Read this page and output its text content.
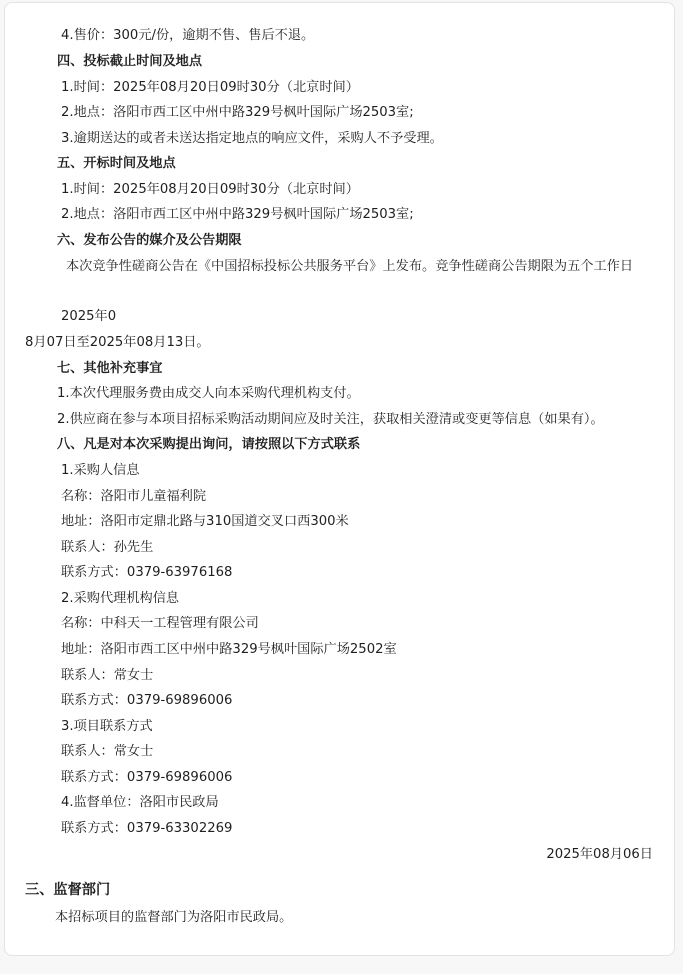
4.售价：300元/份，逾期不售、售后不退。
四、投标截止时间及地点
1.时间：2025年08月20日09时30分（北京时间）
2.地点：洛阳市西工区中州中路329号枫叶国际广场2503室;
3.逾期送达的或者未送达指定地点的响应文件，采购人不予受理。
五、开标时间及地点
1.时间：2025年08月20日09时30分（北京时间）
2.地点：洛阳市西工区中州中路329号枫叶国际广场2503室;
六、发布公告的媒介及公告期限
本次竞争性磋商公告在《中国招标投标公共服务平台》上发布。竞争性磋商公告期限为五个工作日
2025年0
8月07日至2025年08月13日。
七、其他补充事宜
1.本次代理服务费由成交人向本采购代理机构支付。
2.供应商在参与本项目招标采购活动期间应及时关注，获取相关澄清或变更等信息（如果有）。
八、凡是对本次采购提出询问，请按照以下方式联系
1.采购人信息
名称：洛阳市儿童福利院
地址：洛阳市定鼎北路与310国道交叉口西300米
联系人：孙先生
联系方式：0379-63976168
2.采购代理机构信息
名称：中科天一工程管理有限公司
地址：洛阳市西工区中州中路329号枫叶国际广场2502室
联系人：常女士
联系方式：0379-69896006
3.项目联系方式
联系人：常女士
联系方式：0379-69896006
4.监督单位：洛阳市民政局
联系方式：0379-63302269
2025年08月06日
三、监督部门
本招标项目的监督部门为洛阳市民政局。
